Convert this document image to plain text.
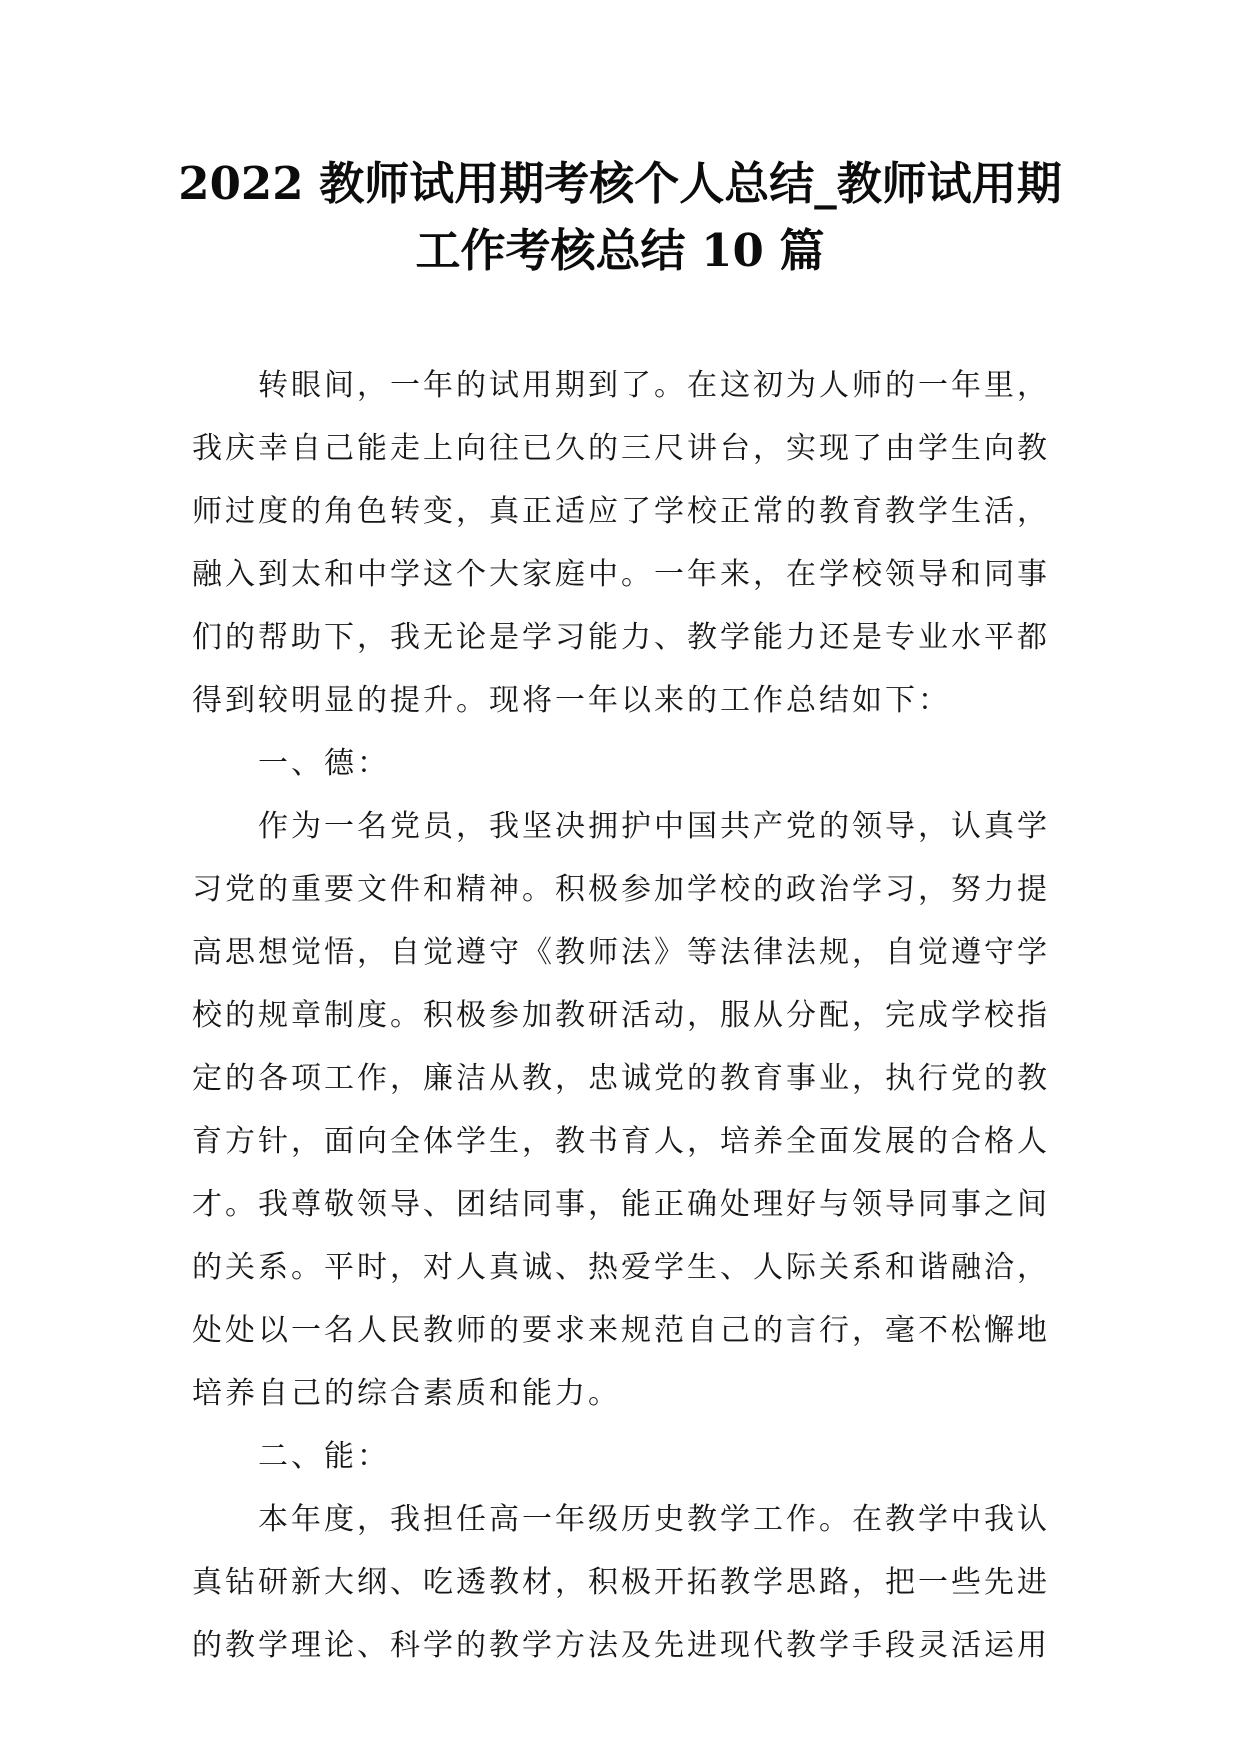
2022 教师试用期考核个人总结_教师试用期
工作考核总结 10 篇
转眼间，一年的试用期到了。在这初为人师的一年里，
我庆幸自己能走上向往已久的三尺讲台，实现了由学生向教
师过度的角色转变，真正适应了学校正常的教育教学生活，
融入到太和中学这个大家庭中。一年来，在学校领导和同事
们的帮助下，我无论是学习能力、教学能力还是专业水平都
得到较明显的提升。现将一年以来的工作总结如下：
一、德：
作为一名党员，我坚决拥护中国共产党的领导，认真学
习党的重要文件和精神。积极参加学校的政治学习，努力提
高思想觉悟，自觉遵守《教师法》等法律法规，自觉遵守学
校的规章制度。积极参加教研活动，服从分配，完成学校指
定的各项工作，廉洁从教，忠诚党的教育事业，执行党的教
育方针，面向全体学生，教书育人，培养全面发展的合格人
才。我尊敬领导、团结同事，能正确处理好与领导同事之间
的关系。平时，对人真诚、热爱学生、人际关系和谐融洽，
处处以一名人民教师的要求来规范自己的言行，毫不松懈地
培养自己的综合素质和能力。
二、能：
本年度，我担任高一年级历史教学工作。在教学中我认
真钻研新大纲、吃透教材，积极开拓教学思路，把一些先进
的教学理论、科学的教学方法及先进现代教学手段灵活运用
